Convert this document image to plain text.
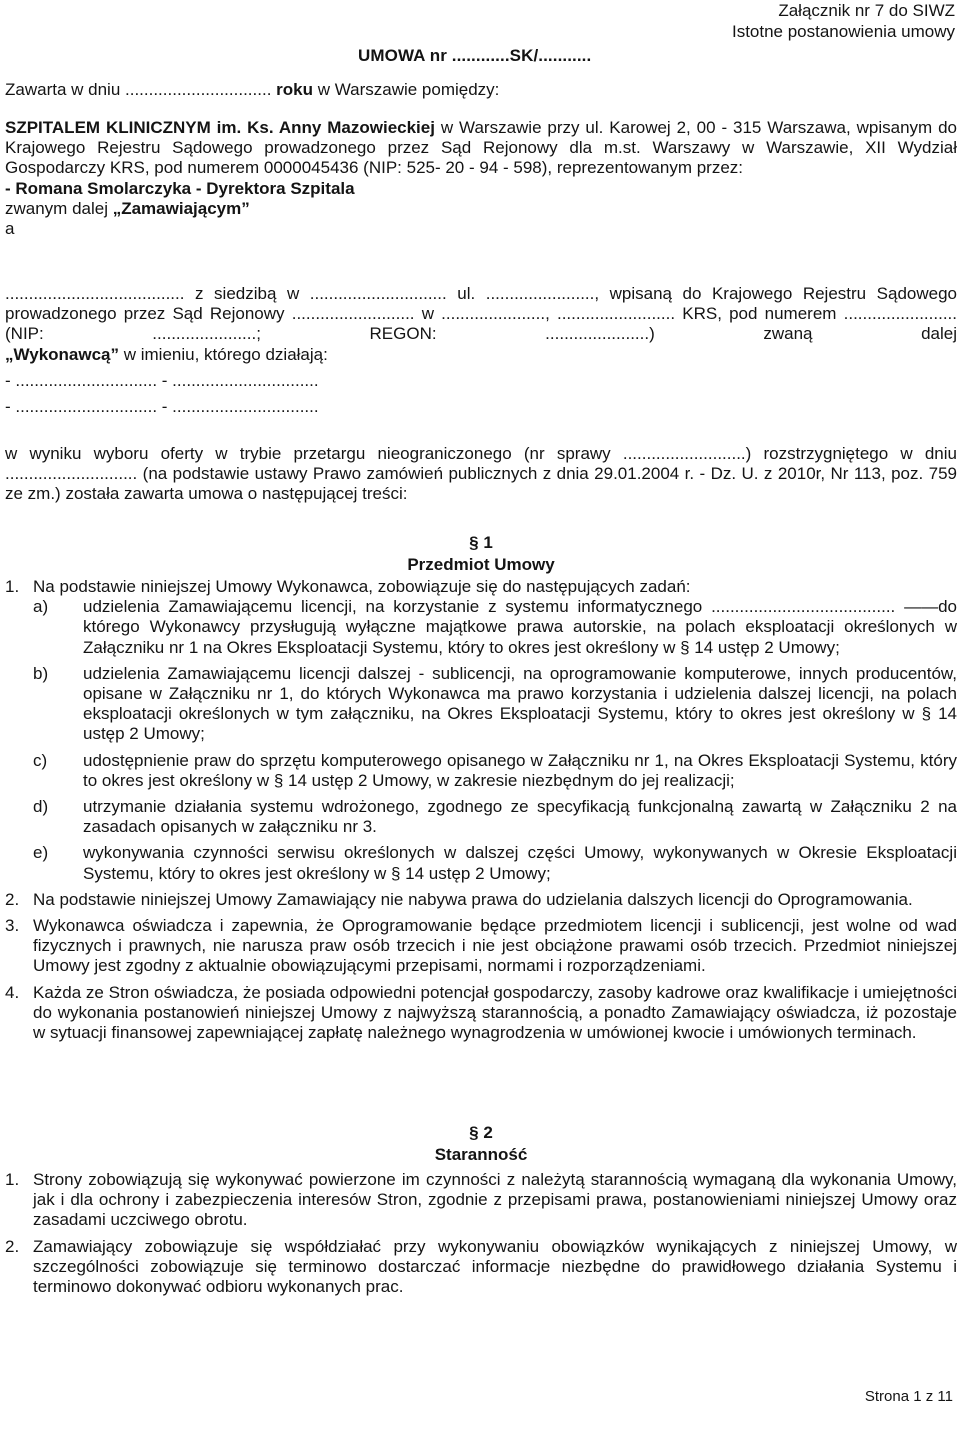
Załącznik nr 7 do SIWZ
Istotne postanowienia umowy
UMOWA nr ............SK/...........

Zawarta w dniu ............................... roku w Warszawie pomiędzy:

SZPITALEM KLINICZNYM im. Ks. Anny Mazowieckiej w Warszawie przy ul. Karowej 2, 00 - 315 Warszawa, wpisanym do Krajowego Rejestru Sądowego prowadzonego przez Sąd Rejonowy dla m.st. Warszawy w Warszawie, XII Wydział Gospodarczy KRS, pod numerem 0000045436 (NIP: 525- 20 - 94 - 598), reprezentowanym przez:

- Romana Smolarczyka - Dyrektora Szpitala

zwanym dalej „Zamawiającym”

a

...................................... z siedzibą w ............................. ul. ......................., wpisaną do Krajowego Rejestru Sądowego prowadzonego przez Sąd Rejonowy .......................... w ......................, ......................... KRS, pod numerem ........................ (NIP: ......................; REGON: ......................) zwaną dalej

„Wykonawcą” w imieniu, którego działają:

- .............................. - ...............................

- .............................. - ...............................

w wyniku wyboru oferty w trybie przetargu nieograniczonego (nr sprawy ..........................) rozstrzygniętego w dniu ............................ (na podstawie ustawy Prawo zamówień publicznych z dnia 29.01.2004 r. - Dz. U. z 2010r, Nr 113, poz. 759 ze zm.) została zawarta umowa o następującej treści:

§ 1

Przedmiot Umowy

1. Na podstawie niniejszej Umowy Wykonawca, zobowiązuje się do następujących zadań:
a)	udzielenia Zamawiającemu licencji, na korzystanie z systemu informatycznego ....................................... ——do którego Wykonawcy przysługują wyłączne majątkowe prawa autorskie, na polach eksploatacji określonych w Załączniku nr 1 na Okres Eksploatacji Systemu, który to okres jest określony w § 14 ustęp 2 Umowy;
b)	udzielenia Zamawiającemu licencji dalszej - sublicencji, na oprogramowanie komputerowe, innych producentów, opisane w Załączniku nr 1, do których Wykonawca ma prawo korzystania i udzielenia dalszej licencji, na polach eksploatacji określonych w tym załączniku, na Okres Eksploatacji Systemu, który to okres jest określony w § 14 ustęp 2 Umowy;
c)	udostępnienie praw do sprzętu komputerowego opisanego w Załączniku nr 1, na Okres Eksploatacji Systemu, który to okres jest określony w § 14 ustęp 2 Umowy, w zakresie niezbędnym do jej realizacji;
d)	utrzymanie działania systemu wdrożonego, zgodnego ze specyfikacją funkcjonalną zawartą w Załączniku 2 na zasadach opisanych w załączniku nr 3.
e)	wykonywania czynności serwisu określonych w dalszej części Umowy, wykonywanych w Okresie Eksploatacji Systemu, który to okres jest określony w § 14 ustęp 2 Umowy;
2. Na podstawie niniejszej Umowy Zamawiający nie nabywa prawa do udzielania dalszych licencji do Oprogramowania.
3. Wykonawca oświadcza i zapewnia, że Oprogramowanie będące przedmiotem licencji i sublicencji, jest wolne od wad fizycznych i prawnych, nie narusza praw osób trzecich i nie jest obciążone prawami osób trzecich. Przedmiot niniejszej Umowy jest zgodny z aktualnie obowiązującymi przepisami, normami i rozporządzeniami.
4. Każda ze Stron oświadcza, że posiada odpowiedni potencjał gospodarczy, zasoby kadrowe oraz kwalifikacje i umiejętności do wykonania postanowień niniejszej Umowy z najwyższą starannością, a ponadto Zamawiający oświadcza, iż pozostaje w sytuacji finansowej zapewniającej zapłatę należnego wynagrodzenia w umówionej kwocie i umówionych terminach.

§ 2

Staranność

1. Strony zobowiązują się wykonywać powierzone im czynności z należytą starannością wymaganą dla wykonania Umowy, jak i dla ochrony i zabezpieczenia interesów Stron, zgodnie z przepisami prawa, postanowieniami niniejszej Umowy oraz zasadami uczciwego obrotu.
2. Zamawiający zobowiązuje się współdziałać przy wykonywaniu obowiązków wynikających z niniejszej Umowy, w szczególności zobowiązuje się terminowo dostarczać informacje niezbędne do prawidłowego działania Systemu i terminowo dokonywać odbioru wykonanych prac.
Strona 1 z 11
